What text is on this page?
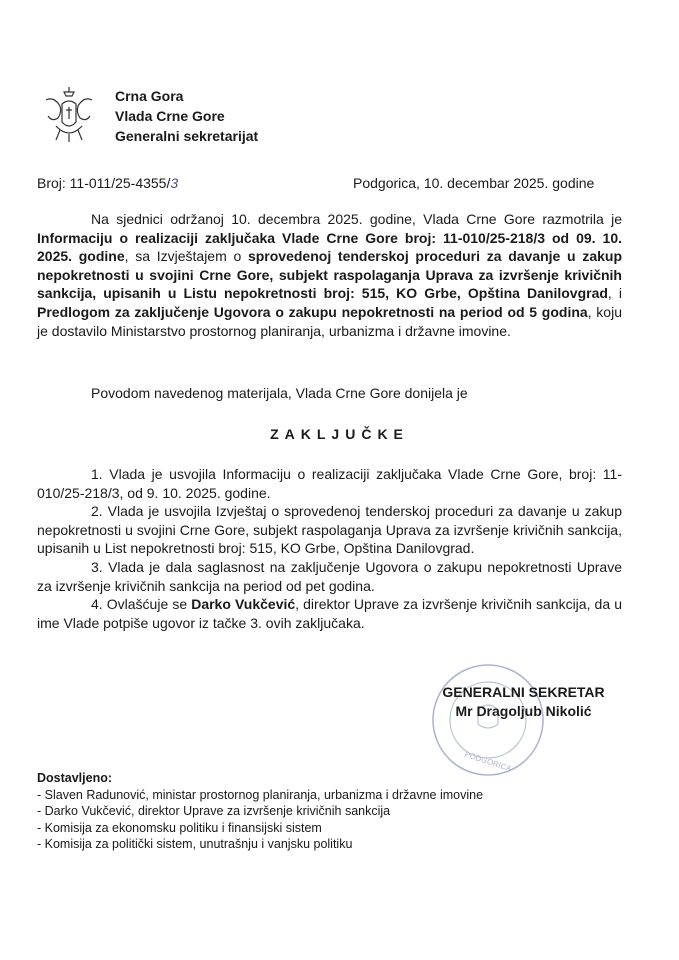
Crna Gora
Vlada Crne Gore
Generalni sekretarijat
Broj: 11-011/25-4355/3	Podgorica, 10. decembar 2025. godine
Na sjednici održanoj 10. decembra 2025. godine, Vlada Crne Gore razmotrila je Informaciju o realizaciji zaključaka Vlade Crne Gore broj: 11-010/25-218/3 od 09. 10. 2025. godine, sa Izvještajem o sprovedenoj tenderskoj proceduri za davanje u zakup nepokretnosti u svojini Crne Gore, subjekt raspolaganja Uprava za izvršenje krivičnih sankcija, upisanih u Listu nepokretnosti broj: 515, KO Grbe, Opština Danilovgrad, i Predlogom za zaključenje Ugovora o zakupu nepokretnosti na period od 5 godina, koju je dostavilo Ministarstvo prostornog planiranja, urbanizma i državne imovine.
Povodom navedenog materijala, Vlada Crne Gore donijela je
ZAKLJUČKE
1. Vlada je usvojila Informaciju o realizaciji zaključaka Vlade Crne Gore, broj: 11-010/25-218/3, od 9. 10. 2025. godine.
2. Vlada je usvojila Izvještaj o sprovedenoj tenderskoj proceduri za davanje u zakup nepokretnosti u svojini Crne Gore, subjekt raspolaganja Uprava za izvršenje krivičnih sankcija, upisanih u List nepokretnosti broj: 515, KO Grbe, Opština Danilovgrad.
3. Vlada je dala saglasnost na zaključenje Ugovora o zakupu nepokretnosti Uprave za izvršenje krivičnih sankcija na period od pet godina.
4. Ovlašćuje se Darko Vukčević, direktor Uprave za izvršenje krivičnih sankcija, da u ime Vlade potpiše ugovor iz tačke 3. ovih zaključaka.
PODGORICA
GENERALNI SEKRETAR
Mr Dragoljub Nikolić
Dostavljeno:
- Slaven Radunović, ministar prostornog planiranja, urbanizma i državne imovine
- Darko Vukčević, direktor Uprave za izvršenje krivičnih sankcija
- Komisija za ekonomsku politiku i finansijski sistem
- Komisija za politički sistem, unutrašnju i vanjsku politiku
